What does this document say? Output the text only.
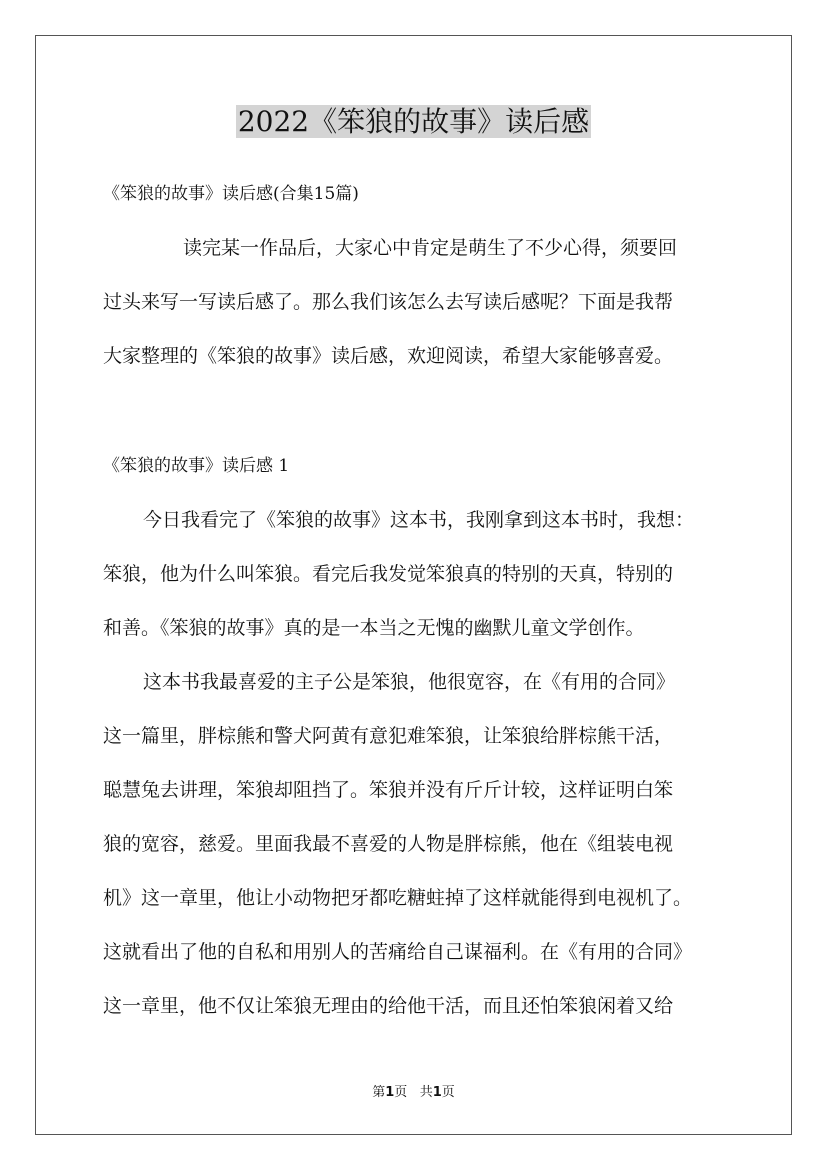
2022《笨狼的故事》读后感
《笨狼的故事》读后感(合集15篇)
读完某一作品后，大家心中肯定是萌生了不少心得，须要回
过头来写一写读后感了。那么我们该怎么去写读后感呢？下面是我帮
大家整理的《笨狼的故事》读后感，欢迎阅读，希望大家能够喜爱。
《笨狼的故事》读后感 1
今日我看完了《笨狼的故事》这本书，我刚拿到这本书时，我想：
笨狼，他为什么叫笨狼。看完后我发觉笨狼真的特别的天真，特别的
和善。《笨狼的故事》真的是一本当之无愧的幽默儿童文学创作。
这本书我最喜爱的主子公是笨狼，他很宽容，在《有用的合同》
这一篇里，胖棕熊和警犬阿黄有意犯难笨狼，让笨狼给胖棕熊干活，
聪慧兔去讲理，笨狼却阻挡了。笨狼并没有斤斤计较，这样证明白笨
狼的宽容，慈爱。里面我最不喜爱的人物是胖棕熊，他在《组装电视
机》这一章里，他让小动物把牙都吃糖蛀掉了这样就能得到电视机了。
这就看出了他的自私和用别人的苦痛给自己谋福利。在《有用的合同》
这一章里，他不仅让笨狼无理由的给他干活，而且还怕笨狼闲着又给
第1页 共1页
